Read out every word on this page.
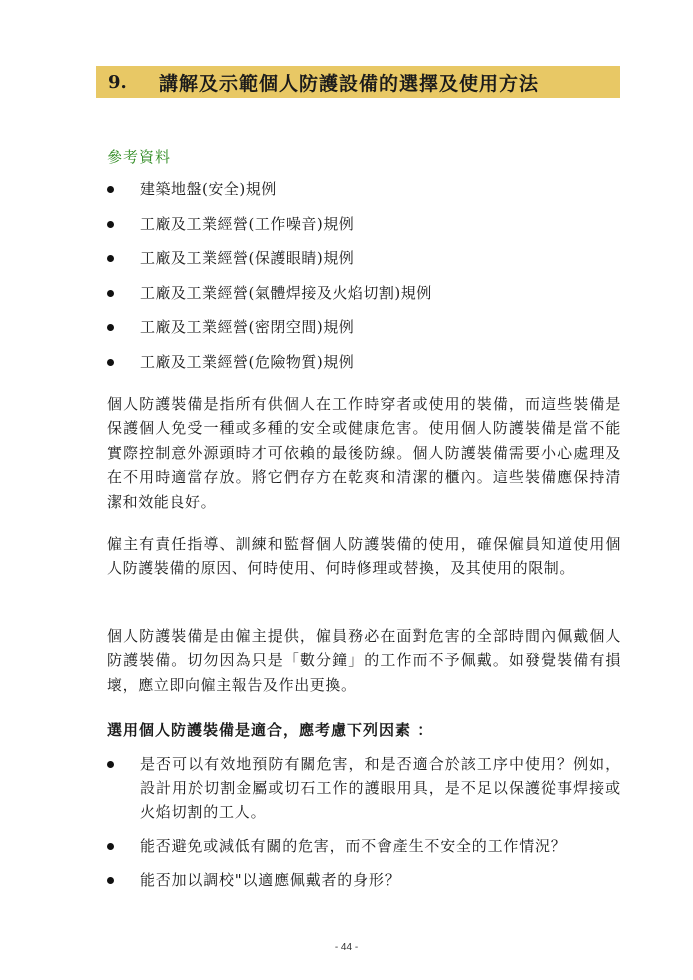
9. 講解及示範個人防護設備的選擇及使用方法
參考資料
建築地盤(安全)規例
工廠及工業經營(工作噪音)規例
工廠及工業經營(保護眼睛)規例
工廠及工業經營(氣體焊接及火焰切割)規例
工廠及工業經營(密閉空間)規例
工廠及工業經營(危險物質)規例

個人防護裝備是指所有供個人在工作時穿者或使用的裝備，而這些裝備是保護個人免受一種或多種的安全或健康危害。使用個人防護裝備是當不能實際控制意外源頭時才可依賴的最後防線。個人防護裝備需要小心處理及在不用時適當存放。將它們存方在乾爽和清潔的櫃內。這些裝備應保持清潔和效能良好。

僱主有責任指導、訓練和監督個人防護裝備的使用，確保僱員知道使用個人防護裝備的原因、何時使用、何時修理或替換，及其使用的限制。

個人防護裝備是由僱主提供，僱員務必在面對危害的全部時間內佩戴個人防護裝備。切勿因為只是「數分鐘」的工作而不予佩戴。如發覺裝備有損壞，應立即向僱主報告及作出更換。

選用個人防護裝備是適合，應考慮下列因素 ：
是否可以有效地預防有關危害，和是否適合於該工序中使用？例如，設計用於切割金屬或切石工作的護眼用具，是不足以保護從事焊接或火焰切割的工人。
能否避免或減低有關的危害，而不會產生不安全的工作情況？
能否加以調校"以適應佩戴者的身形？
- 44 -
